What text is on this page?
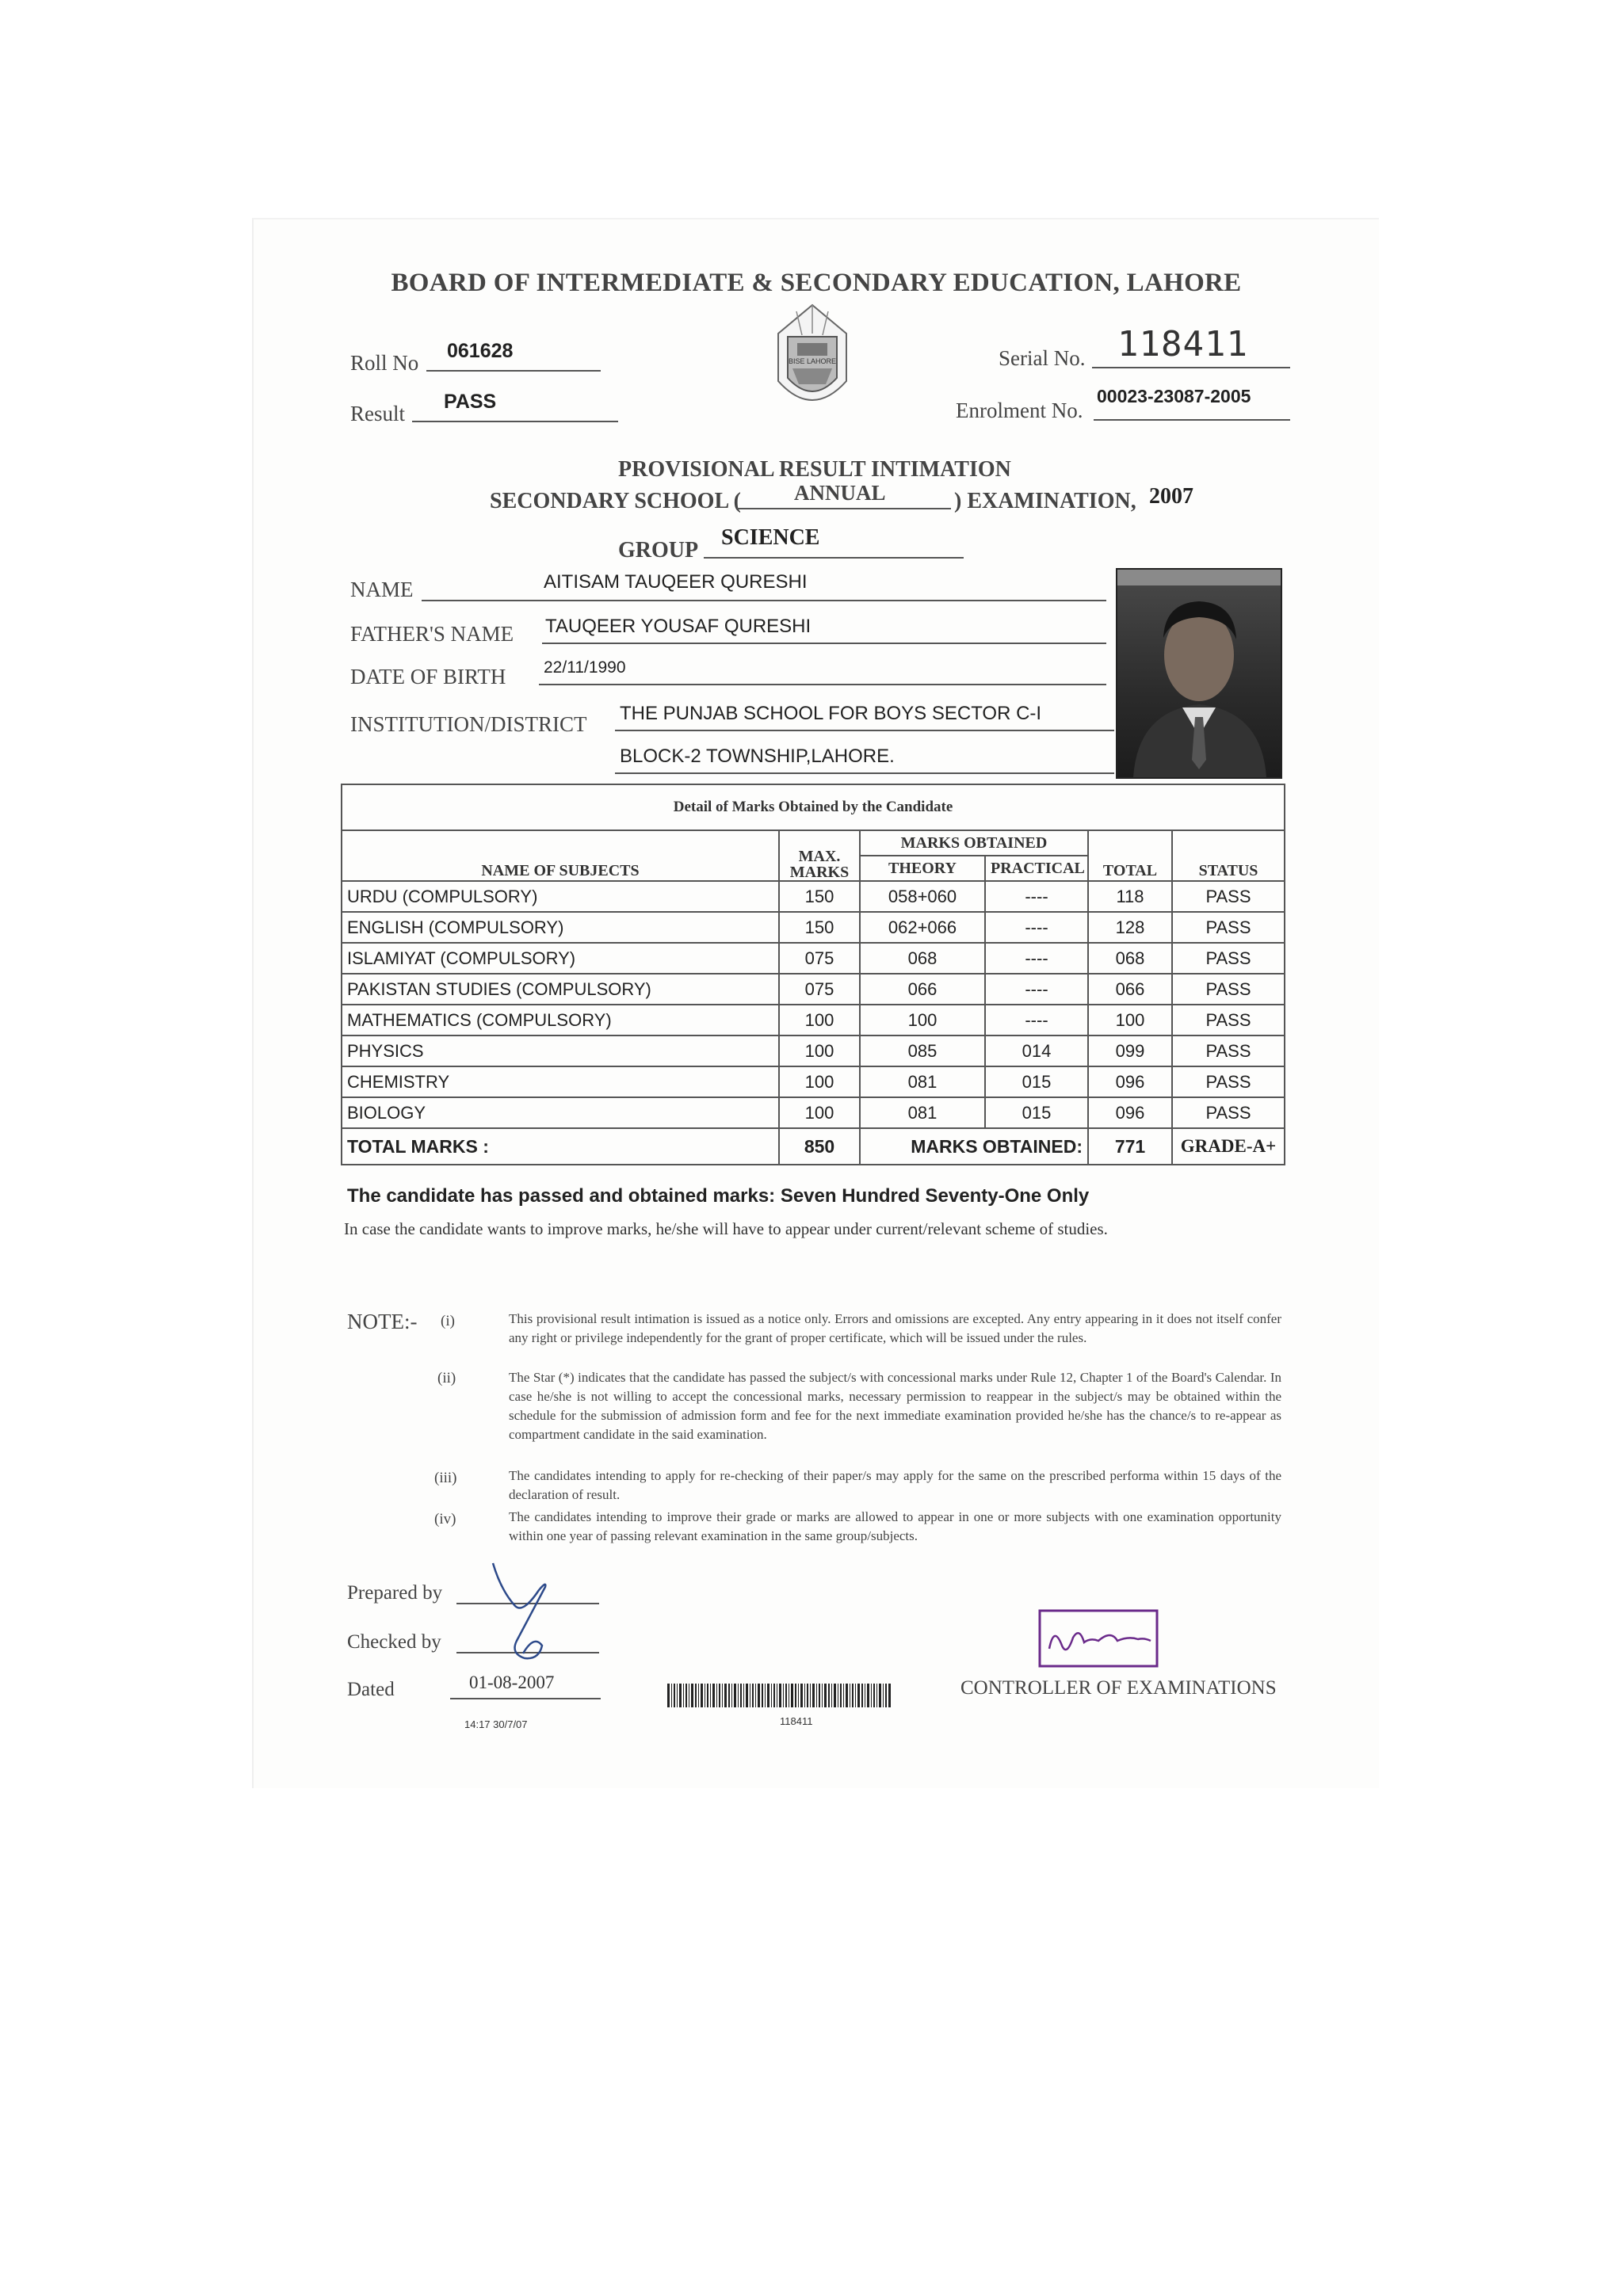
BOARD OF INTERMEDIATE & SECONDARY EDUCATION, LAHORE
BISE LAHORE
Roll No 061628
Result PASS
Serial No. 118411
Enrolment No.
00023-23087-2005
PROVISIONAL RESULT INTIMATION
SECONDARY SCHOOL ( ANNUAL	) EXAMINATION, 2007
GROUP
SCIENCE
NAME	AITISAM TAUQEER QURESHI
FATHER'S NAME TAUQEER YOUSAF QURESHI
DATE OF BIRTH 22/11/1990
INSTITUTION/DISTRICT THE PUNJAB SCHOOL FOR BOYS SECTOR C-I
BLOCK-2 TOWNSHIP,LAHORE.
Detail of Marks Obtained by the Candidate					
NAME OF SUBJECTS	MAX. MARKS	MARKS OBTAINED		TOTAL	STATUS
		THEORY	PRACTICAL		
URDU (COMPULSORY)	150	058+060	----	118	PASS
ENGLISH (COMPULSORY)	150	062+066	----	128	PASS
ISLAMIYAT (COMPULSORY)	075	068	----	068	PASS
PAKISTAN STUDIES (COMPULSORY)	075	066	----	066	PASS
MATHEMATICS (COMPULSORY)	100	100	----	100	PASS
PHYSICS	100	085	014	099	PASS
CHEMISTRY	100	081	015	096	PASS
BIOLOGY	100	081	015	096	PASS
TOTAL MARKS :	850	MARKS OBTAINED:		771	GRADE-A+
The candidate has passed and obtained marks: Seven Hundred Seventy-One Only
In case the candidate wants to improve marks, he/she will have to appear under current/relevant scheme of studies.
NOTE:- (i)	This provisional result intimation is issued as a notice only. Errors and omissions are excepted. Any entry appearing in it does not itself confer any right or privilege independently for the grant of proper certificate, which will be issued under the rules.
(ii)	The Star (*) indicates that the candidate has passed the subject/s with concessional marks under Rule 12, Chapter 1 of the Board's Calendar. In case he/she is not willing to accept the concessional marks, necessary permission to reappear in the subject/s may be obtained within the schedule for the submission of admission form and fee for the next immediate examination provided he/she has the chance/s to re-appear as compartment candidate in the said examination.
(iii)	The candidates intending to apply for re-checking of their paper/s may apply for the same on the prescribed performa within 15 days of the declaration of result.
(iv)	The candidates intending to improve their grade or marks are allowed to appear in one or more subjects with one examination opportunity within one year of passing relevant examination in the same group/subjects.
Prepared by
Checked by
Dated	01-08-2007
14:17 30/7/07	118411
CONTROLLER OF EXAMINATIONS
